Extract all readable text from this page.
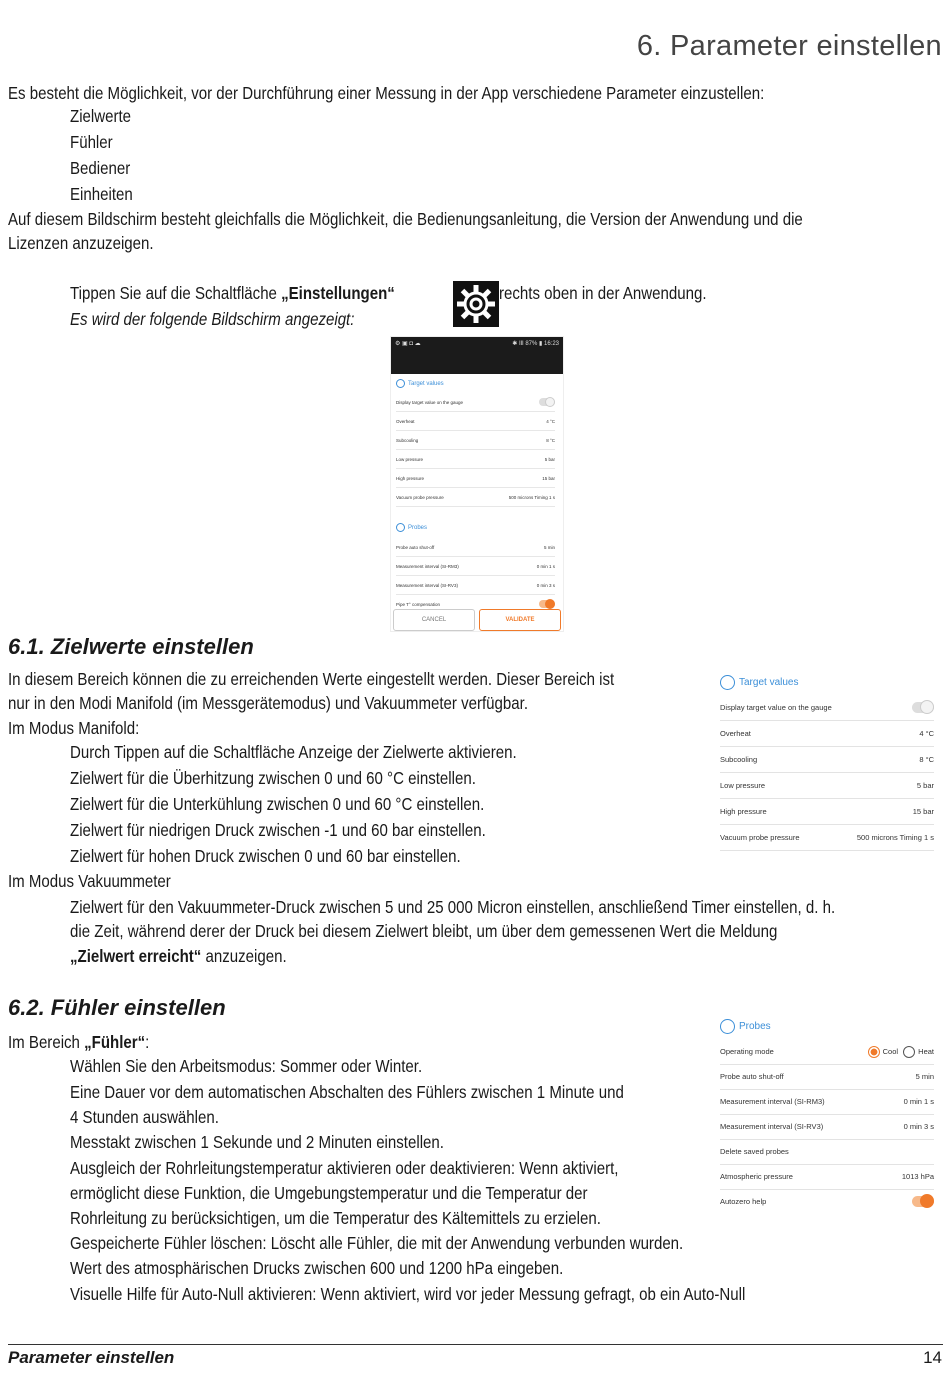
6. Parameter einstellen
Es besteht die Möglichkeit, vor der Durchführung einer Messung in der App verschiedene Parameter einzustellen:
Zielwerte
Fühler
Bediener
Einheiten
Auf diesem Bildschirm besteht gleichfalls die Möglichkeit, die Bedienungsanleitung, die Version der Anwendung und die
Lizenzen anzuzeigen.
Tippen Sie auf die Schaltfläche „Einstellungen“	rechts oben in der Anwendung.
Es wird der folgende Bildschirm angezeigt:
⚙ ▣ ◘ ☁	✱ ⅠⅡ 87% ▮ 16:23
Target values
Display target value on the gauge
Overheat	4 °C
Subcooling	8 °C
Low pressure	5 bar
High pressure	15 bar
Vacuum probe pressure	500 microns Timing 1 s
Probes
Probe auto shut-off	5 min
Measurement interval (SI-RM3)	0 min 1 s
Measurement interval (SI-RV3)	0 min 3 s
Pipe T° compensation
CANCEL	VALIDATE
6.1. Zielwerte einstellen
In diesem Bereich können die zu erreichenden Werte eingestellt werden. Dieser Bereich ist
nur in den Modi Manifold (im Messgerätemodus) und Vakuummeter verfügbar.
Im Modus Manifold:
Durch Tippen auf die Schaltfläche Anzeige der Zielwerte aktivieren.
Zielwert für die Überhitzung zwischen 0 und 60 °C einstellen.
Zielwert für die Unterkühlung zwischen 0 und 60 °C einstellen.
Zielwert für niedrigen Druck zwischen -1 und 60 bar einstellen.
Zielwert für hohen Druck zwischen 0 und 60 bar einstellen.
Im Modus Vakuummeter
Zielwert für den Vakuummeter-Druck zwischen 5 und 25 000 Micron einstellen, anschließend Timer einstellen, d. h.
die Zeit, während derer der Druck bei diesem Zielwert bleibt, um über dem gemessenen Wert die Meldung
„Zielwert erreicht“ anzuzeigen.
Target values
Display target value on the gauge
Overheat	4 °C
Subcooling	8 °C
Low pressure	5 bar
High pressure	15 bar
Vacuum probe pressure	500 microns Timing 1 s
6.2. Fühler einstellen
Im Bereich „Fühler“:
Wählen Sie den Arbeitsmodus: Sommer oder Winter.
Eine Dauer vor dem automatischen Abschalten des Fühlers zwischen 1 Minute und
4 Stunden auswählen.
Messtakt zwischen 1 Sekunde und 2 Minuten einstellen.
Ausgleich der Rohrleitungstemperatur aktivieren oder deaktivieren: Wenn aktiviert,
ermöglicht diese Funktion, die Umgebungstemperatur und die Temperatur der
Rohrleitung zu berücksichtigen, um die Temperatur des Kältemittels zu erzielen.
Gespeicherte Fühler löschen: Löscht alle Fühler, die mit der Anwendung verbunden wurden.
Wert des atmosphärischen Drucks zwischen 600 und 1200 hPa eingeben.
Visuelle Hilfe für Auto-Null aktivieren: Wenn aktiviert, wird vor jeder Messung gefragt, ob ein Auto-Null
Probes
Operating mode	Cool	Heat
Probe auto shut-off	5 min
Measurement interval (SI-RM3)	0 min 1 s
Measurement interval (SI-RV3)	0 min 3 s
Delete saved probes
Atmospheric pressure	1013 hPa
Autozero help
Parameter einstellen	14
